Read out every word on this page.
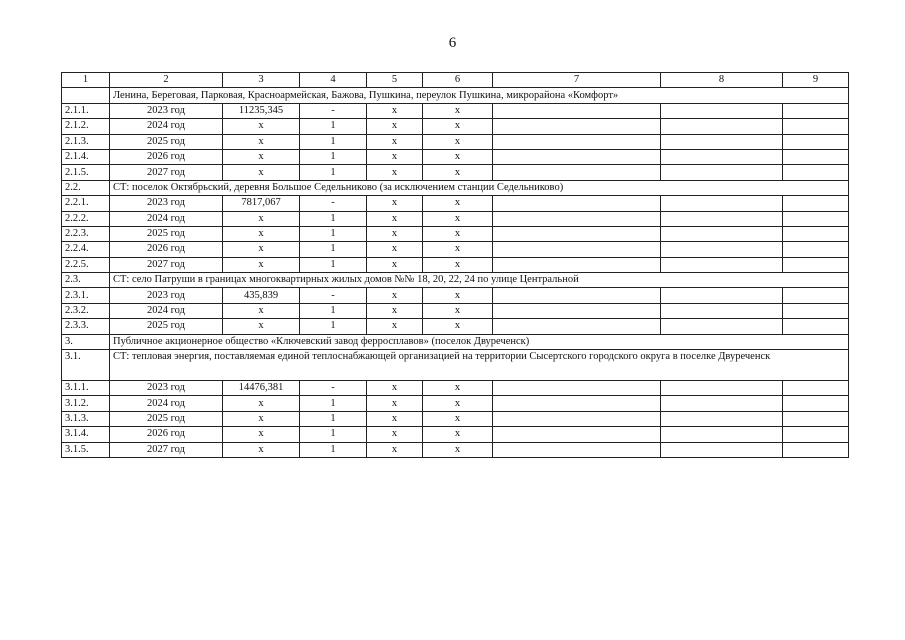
6
1	2	3	4	5	6	7	8	9
	Ленина, Береговая, Парковая, Красноармейская, Бажова, Пушкина, переулок Пушкина, микрорайона «Комфорт»							
2.1.1.	2023 год	11235,345	-	x	x			
2.1.2.	2024 год	x	1	x	x			
2.1.3.	2025 год	x	1	x	x			
2.1.4.	2026 год	x	1	x	x			
2.1.5.	2027 год	x	1	x	x			
2.2.	СТ: поселок Октябрьский, деревня Большое Седельниково (за исключением станции Седельниково)							
2.2.1.	2023 год	7817,067	-	x	x			
2.2.2.	2024 год	x	1	x	x			
2.2.3.	2025 год	x	1	x	x			
2.2.4.	2026 год	x	1	x	x			
2.2.5.	2027 год	x	1	x	x			
2.3.	СТ: село Патруши в границах многоквартирных жилых домов №№ 18, 20, 22, 24 по улице Центральной							
2.3.1.	2023 год	435,839	-	x	x			
2.3.2.	2024 год	x	1	x	x			
2.3.3.	2025 год	x	1	x	x			
3.	Публичное акционерное общество «Ключевский завод ферросплавов» (поселок Двуреченск)							
3.1.	СТ: тепловая энергия, поставляемая единой теплоснабжающей организацией на территории Сысертского городского округа в поселке Двуреченск							
3.1.1.	2023 год	14476,381	-	x	x			
3.1.2.	2024 год	x	1	x	x			
3.1.3.	2025 год	x	1	x	x			
3.1.4.	2026 год	x	1	x	x			
3.1.5.	2027 год	x	1	x	x			
